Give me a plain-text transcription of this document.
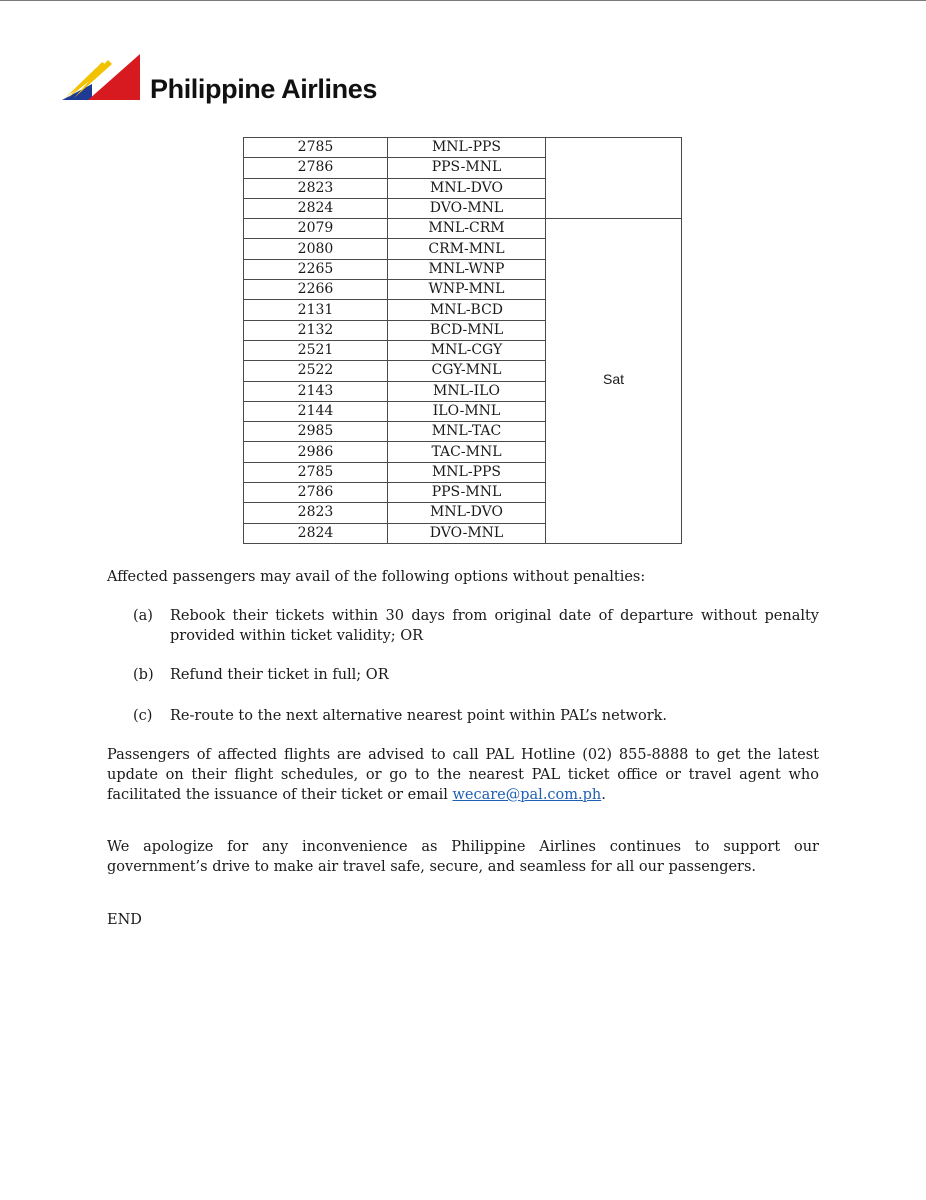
Philippine Airlines

2785	MNL-PPS	
2786	PPS-MNL	
2823	MNL-DVO	
2824	DVO-MNL	
2079	MNL-CRM	Sat
2080	CRM-MNL	
2265	MNL-WNP	
2266	WNP-MNL	
2131	MNL-BCD	
2132	BCD-MNL	
2521	MNL-CGY	
2522	CGY-MNL	
2143	MNL-ILO	
2144	ILO-MNL	
2985	MNL-TAC	
2986	TAC-MNL	
2785	MNL-PPS	
2786	PPS-MNL	
2823	MNL-DVO	
2824	DVO-MNL	

Affected passengers may avail of the following options without penalties:

(a) Rebook their tickets within 30 days from original date of departure without penalty provided within ticket validity; OR
(b) Refund their ticket in full; OR
(c) Re-route to the next alternative nearest point within PAL’s network.

Passengers of affected flights are advised to call PAL Hotline (02) 855-8888 to get the latest update on their flight schedules, or go to the nearest PAL ticket office or travel agent who facilitated the issuance of their ticket or email wecare@pal.com.ph.

We apologize for any inconvenience as Philippine Airlines continues to support our government’s drive to make air travel safe, secure, and seamless for all our passengers.

END
